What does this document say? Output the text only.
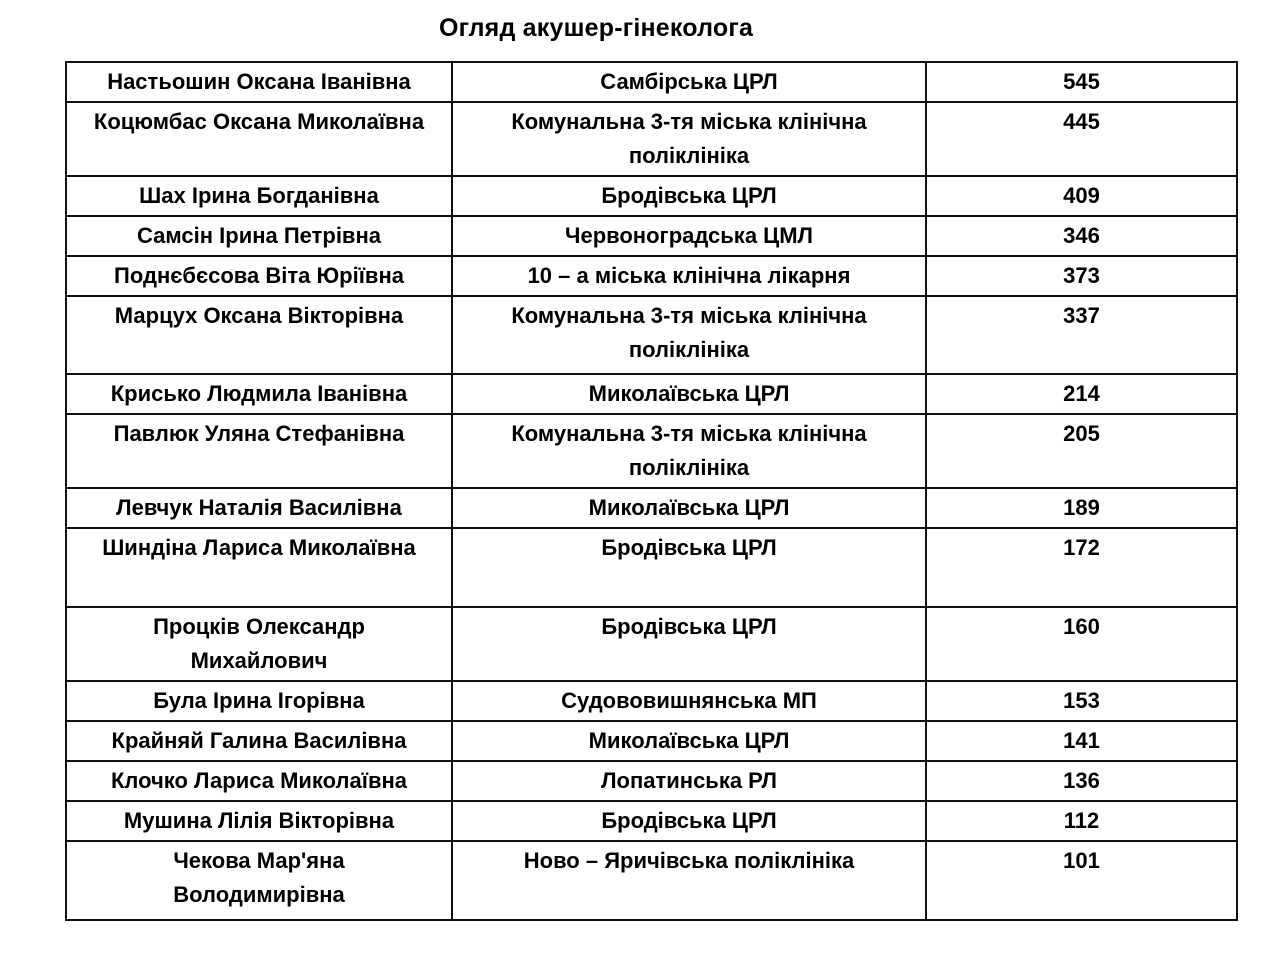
Огляд акушер-гінеколога
Настьошин Оксана Іванівна	Самбірська ЦРЛ	545
Коцюмбас Оксана Миколаївна	Комунальна 3-тя міська клінічна поліклініка	445
Шах Ірина Богданівна	Бродівська ЦРЛ	409
Самсін Ірина Петрівна	Червоноградська ЦМЛ	346
Поднєбєсова Віта Юріївна	10 – а міська клінічна лікарня	373
Марцух Оксана Вікторівна	Комунальна 3-тя міська клінічна поліклініка	337
Крисько Людмила Іванівна	Миколаївська ЦРЛ	214
Павлюк Уляна Стефанівна	Комунальна 3-тя міська клінічна поліклініка	205
Левчук Наталія Василівна	Миколаївська ЦРЛ	189
Шиндіна Лариса Миколаївна	Бродівська ЦРЛ	172
Процків Олександр Михайлович	Бродівська ЦРЛ	160
Була Ірина Ігорівна	Судововишнянська МП	153
Крайняй Галина Василівна	Миколаївська ЦРЛ	141
Клочко Лариса Миколаївна	Лопатинська РЛ	136
Мушина Лілія Вікторівна	Бродівська ЦРЛ	112
Чекова Мар'яна Володимирівна	Ново – Яричівська поліклініка	101
